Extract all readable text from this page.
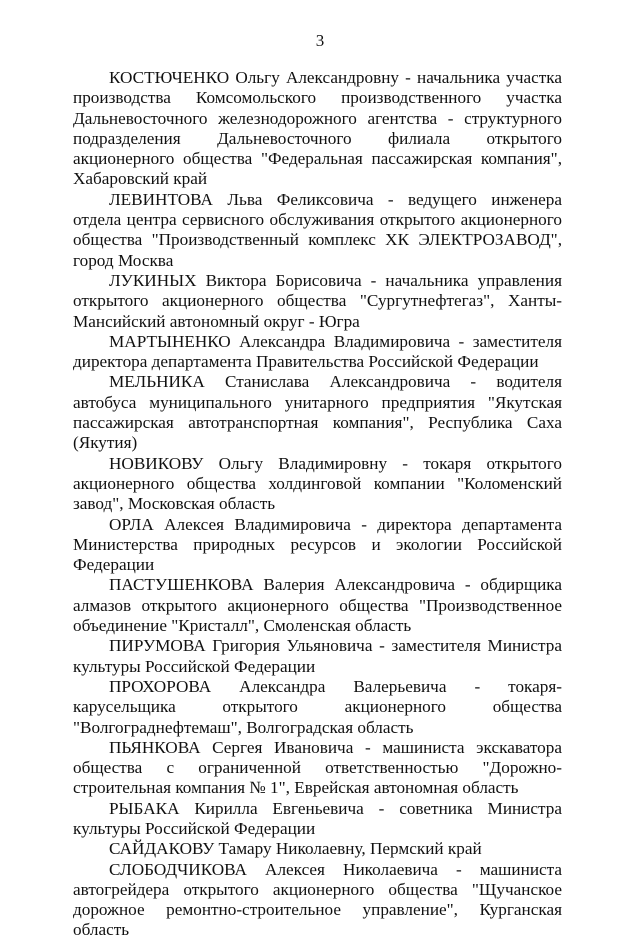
3

КОСТЮЧЕНКО Ольгу Александровну - начальника участка производства Комсомольского производственного участка Дальневосточного железнодорожного агентства - структурного подразделения Дальневосточного филиала открытого акционерного общества "Федеральная пассажирская компания", Хабаровский край

ЛЕВИНТОВА Льва Феликсовича - ведущего инженера отдела центра сервисного обслуживания открытого акционерного общества "Производственный комплекс ХК ЭЛЕКТРОЗАВОД", город Москва

ЛУКИНЫХ Виктора Борисовича - начальника управления открытого акционерного общества "Сургутнефтегаз", Ханты-Мансийский автономный округ - Югра

МАРТЫНЕНКО Александра Владимировича - заместителя директора департамента Правительства Российской Федерации

МЕЛЬНИКА Станислава Александровича - водителя автобуса муниципального унитарного предприятия "Якутская пассажирская автотранспортная компания", Республика Саха (Якутия)

НОВИКОВУ Ольгу Владимировну - токаря открытого акционерного общества холдинговой компании "Коломенский завод", Московская область

ОРЛА Алексея Владимировича - директора департамента Министерства природных ресурсов и экологии Российской Федерации

ПАСТУШЕНКОВА Валерия Александровича - обдирщика алмазов открытого акционерного общества "Производственное объединение "Кристалл", Смоленская область

ПИРУМОВА Григория Ульяновича - заместителя Министра культуры Российской Федерации

ПРОХОРОВА Александра Валерьевича - токаря-карусельщика открытого акционерного общества "Волгограднефтемаш", Волгоградская область

ПЬЯНКОВА Сергея Ивановича - машиниста экскаватора общества с ограниченной ответственностью "Дорожно-строительная компания № 1", Еврейская автономная область

РЫБАКА Кирилла Евгеньевича - советника Министра культуры Российской Федерации

САЙДАКОВУ Тамару Николаевну, Пермский край

СЛОБОДЧИКОВА Алексея Николаевича - машиниста автогрейдера открытого акционерного общества "Щучанское дорожное ремонтно-строительное управление", Курганская область
